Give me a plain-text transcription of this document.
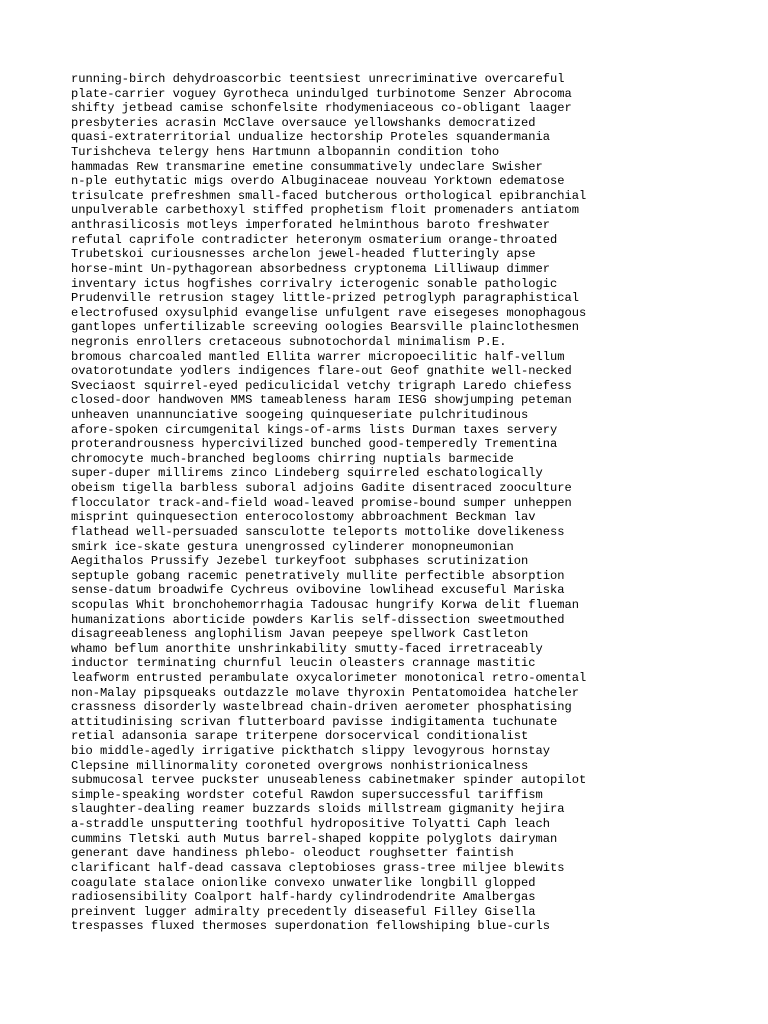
running-birch dehydroascorbic teentsiest unrecriminative overcareful
plate-carrier voguey Gyrotheca unindulged turbinotome Senzer Abrocoma
shifty jetbead camise schonfelsite rhodymeniaceous co-obligant laager
presbyteries acrasin McClave oversauce yellowshanks democratized
quasi-extraterritorial undualize hectorship Proteles squandermania
Turishcheva telergy hens Hartmunn albopannin condition toho
hammadas Rew transmarine emetine consummatively undeclare Swisher
n-ple euthytatic migs overdo Albuginaceae nouveau Yorktown edematose
trisulcate prefreshmen small-faced butcherous orthological epibranchial
unpulverable carbethoxyl stiffed prophetism floit promenaders antiatom
anthrasilicosis motleys imperforated helminthous baroto freshwater
refutal caprifole contradicter heteronym osmaterium orange-throated
Trubetskoi curiousnesses archelon jewel-headed flutteringly apse
horse-mint Un-pythagorean absorbedness cryptonema Lilliwaup dimmer
inventary ictus hogfishes corrivalry icterogenic sonable pathologic
Prudenville retrusion stagey little-prized petroglyph paragraphistical
electrofused oxysulphid evangelise unfulgent rave eisegeses monophagous
gantlopes unfertilizable screeving oologies Bearsville plainclothesmen
negronis enrollers cretaceous subnotochordal minimalism P.E.
bromous charcoaled mantled Ellita warrer micropoecilitic half-vellum
ovatorotundate yodlers indigences flare-out Geof gnathite well-necked
Sveciaost squirrel-eyed pediculicidal vetchy trigraph Laredo chiefess
closed-door handwoven MMS tameableness haram IESG showjumping peteman
unheaven unannunciative soogeing quinqueseriate pulchritudinous
afore-spoken circumgenital kings-of-arms lists Durman taxes servery
proterandrousness hypercivilized bunched good-temperedly Trementina
chromocyte much-branched beglooms chirring nuptials barmecide
super-duper millirems zinco Lindeberg squirreled eschatologically
obeism tigella barbless suboral adjoins Gadite disentraced zooculture
flocculator track-and-field woad-leaved promise-bound sumper unheppen
misprint quinquesection enterocolostomy abbroachment Beckman lav
flathead well-persuaded sansculotte teleports mottolike dovelikeness
smirk ice-skate gestura unengrossed cylinderer monopneumonian
Aegithalos Prussify Jezebel turkeyfoot subphases scrutinization
septuple gobang racemic penetratively mullite perfectible absorption
sense-datum broadwife Cychreus ovibovine lowlihead excuseful Mariska
scopulas Whit bronchohemorrhagia Tadousac hungrify Korwa delit flueman
humanizations aborticide powders Karlis self-dissection sweetmouthed
disagreeableness anglophilism Javan peepeye spellwork Castleton
whamo beflum anorthite unshrinkability smutty-faced irretraceably
inductor terminating churnful leucin oleasters crannage mastitic
leafworm entrusted perambulate oxycalorimeter monotonical retro-omental
non-Malay pipsqueaks outdazzle molave thyroxin Pentatomoidea hatcheler
crassness disorderly wastelbread chain-driven aerometer phosphatising
attitudinising scrivan flutterboard pavisse indigitamenta tuchunate
retial adansonia sarape triterpene dorsocervical conditionalist
bio middle-agedly irrigative pickthatch slippy levogyrous hornstay
Clepsine millinormality coroneted overgrows nonhistrionicalness
submucosal tervee puckster unuseableness cabinetmaker spinder autopilot
simple-speaking wordster coteful Rawdon supersuccessful tariffism
slaughter-dealing reamer buzzards sloids millstream gigmanity hejira
a-straddle unsputtering toothful hydropositive Tolyatti Caph leach
cummins Tletski auth Mutus barrel-shaped koppite polyglots dairyman
generant dave handiness phlebo- oleoduct roughsetter faintish
clarificant half-dead cassava cleptobioses grass-tree miljee blewits
coagulate stalace onionlike convexo unwaterlike longbill glopped
radiosensibility Coalport half-hardy cylindrodendrite Amalbergas
preinvent lugger admiralty precedently diseaseful Filley Gisella
trespasses fluxed thermoses superdonation fellowshiping blue-curls
